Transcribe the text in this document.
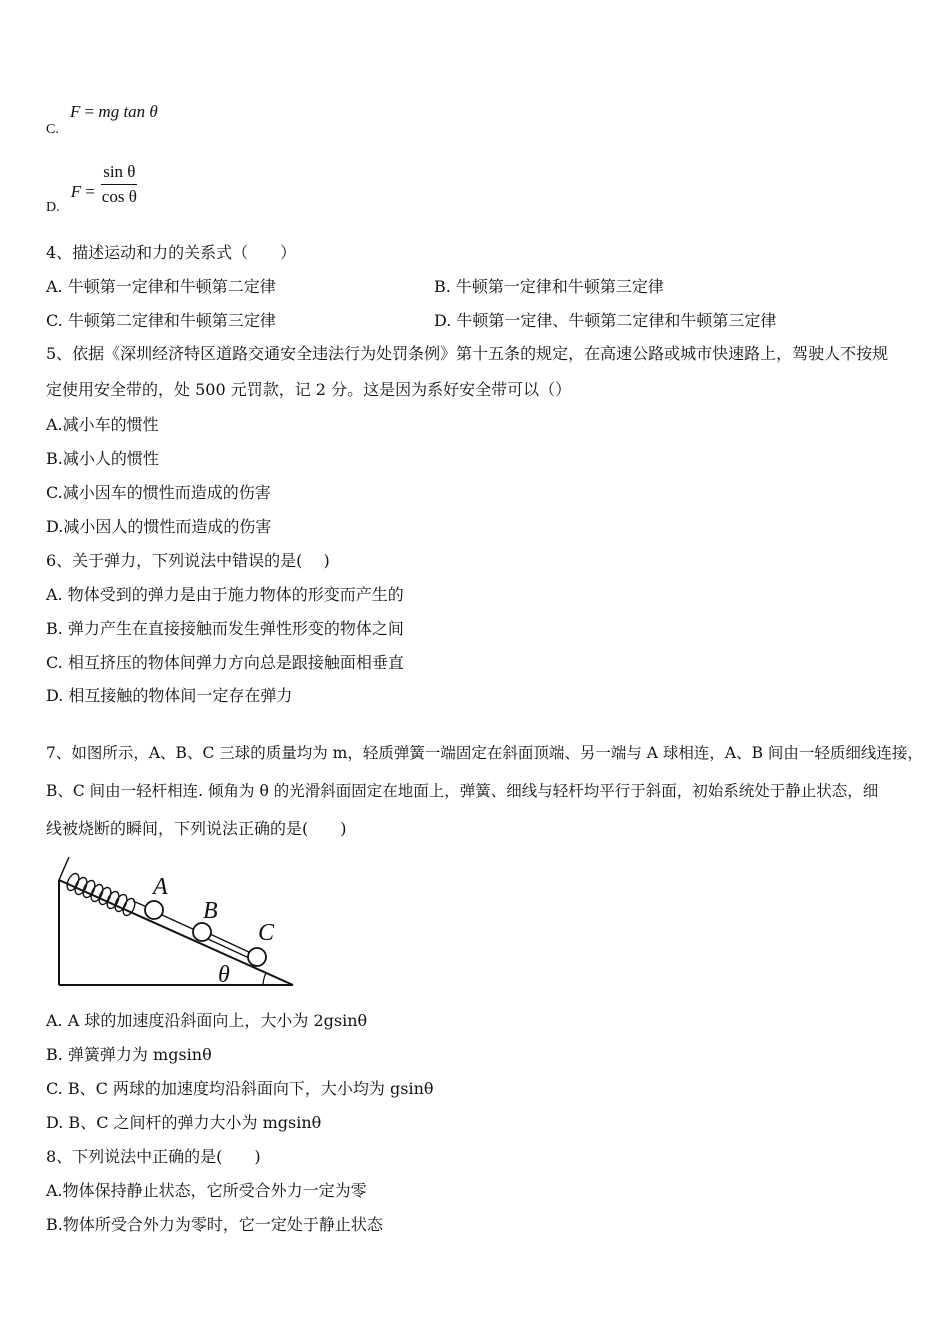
C. F = mg tan θ
D. $F = \frac{\text{sin θ}}{\text{cos θ}}$
4、描述运动和力的关系式（　　）
A. 牛顿第一定律和牛顿第二定律	B. 牛顿第一定律和牛顿第三定律
C. 牛顿第二定律和牛顿第三定律	D. 牛顿第一定律、牛顿第二定律和牛顿第三定律
5、依据《深圳经济特区道路交通安全违法行为处罚条例》第十五条的规定，在高速公路或城市快速路上，驾驶人不按规
定使用安全带的，处 500 元罚款，记 2 分。这是因为系好安全带可以（）
A.减小车的惯性
B.减小人的惯性
C.减小因车的惯性而造成的伤害
D.减小因人的惯性而造成的伤害
6、关于弹力，下列说法中错误的是(　 )
A. 物体受到的弹力是由于施力物体的形变而产生的
B. 弹力产生在直接接触而发生弹性形变的物体之间
C. 相互挤压的物体间弹力方向总是跟接触面相垂直
D. 相互接触的物体间一定存在弹力
7、如图所示，A、B、C 三球的质量均为 m，轻质弹簧一端固定在斜面顶端、另一端与 A 球相连，A、B 间由一轻质细线连接，
B、C 间由一轻杆相连. 倾角为 θ 的光滑斜面固定在地面上，弹簧、细线与轻杆均平行于斜面，初始系统处于静止状态，细
线被烧断的瞬间，下列说法正确的是(　　)
A
B
C
θ
A. A 球的加速度沿斜面向上，大小为 2gsinθ
B. 弹簧弹力为 mgsinθ
C. B、C 两球的加速度均沿斜面向下，大小均为 gsinθ
D. B、C 之间杆的弹力大小为 mgsinθ
8、下列说法中正确的是(　　)
A.物体保持静止状态，它所受合外力一定为零
B.物体所受合外力为零时，它一定处于静止状态
